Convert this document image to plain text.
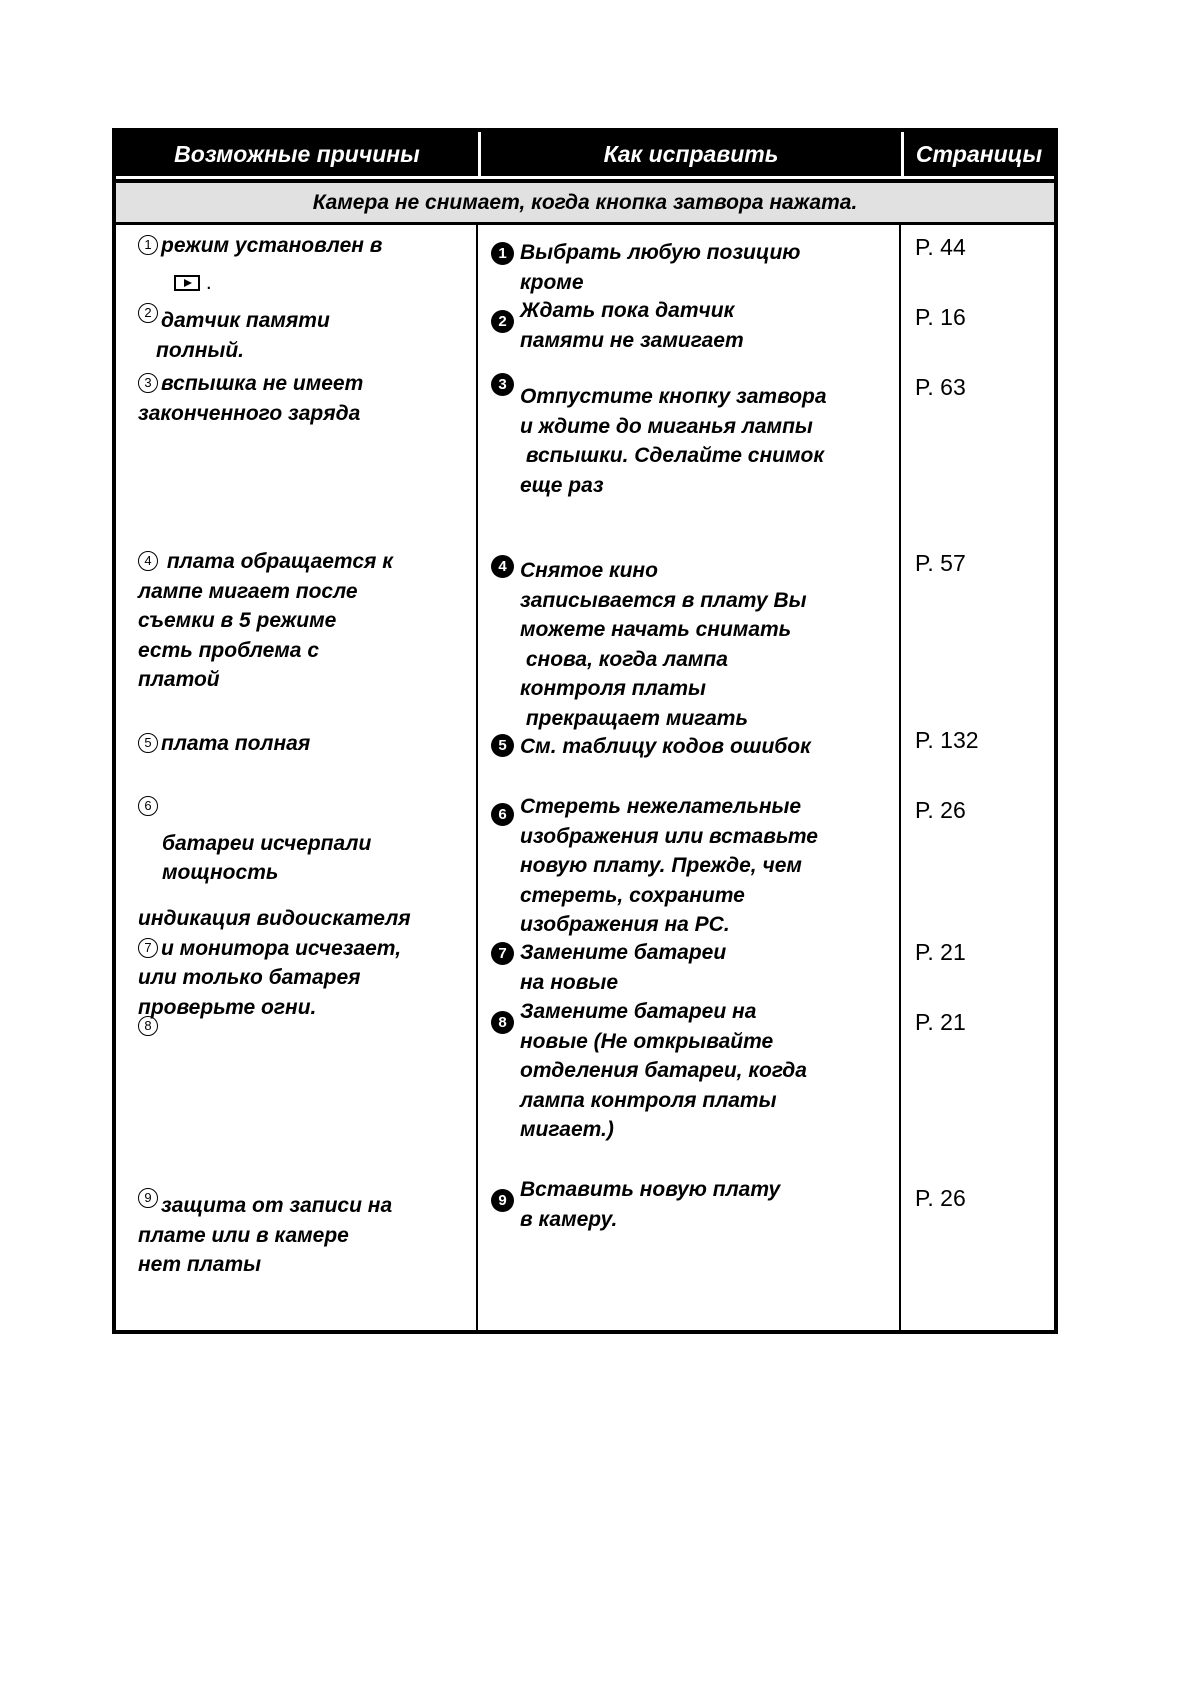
Возможные причины	Как исправить	Страницы
Камера не снимает, когда кнопка затвора нажата.
1 режим установлен в
.
2 датчик памяти
полный.
3 вспышка не имеет
законченного заряда
4 плата обращается к
лампе мигает после
съемки в 5 режиме
есть проблема с
платой
5 плата полная
6
батареи исчерпали
мощность
индикация видоискателя
7 и монитора исчезает,
или только батарея
проверьте огни.
8
9 защита от записи на
плате или в камере
нет платы
1 Выбрать любую позицию
кроме
2 Ждать пока датчик
памяти не замигает
3
Отпустите кнопку затвора
и ждите до миганья лампы
вспышки. Сделайте снимок
еще раз
4 Снятое кино
записывается в плату Вы
можете начать снимать
снова, когда лампа
контроля платы
прекращает мигать
5 См. таблицу кодов ошибок
6 Стереть нежелательные
изображения или вставьте
новую плату. Прежде, чем
стереть, сохраните
изображения на PC.
7 Замените батареи
на новые
8 Замените батареи на
новые (Не открывайте
отделения батареи, когда
лампа контроля платы
мигает.)
9 Вставить новую плату
в камеру.
P. 44
P. 16
P. 63
P. 57
P. 132
P. 26
P. 21
P. 21
P. 26
